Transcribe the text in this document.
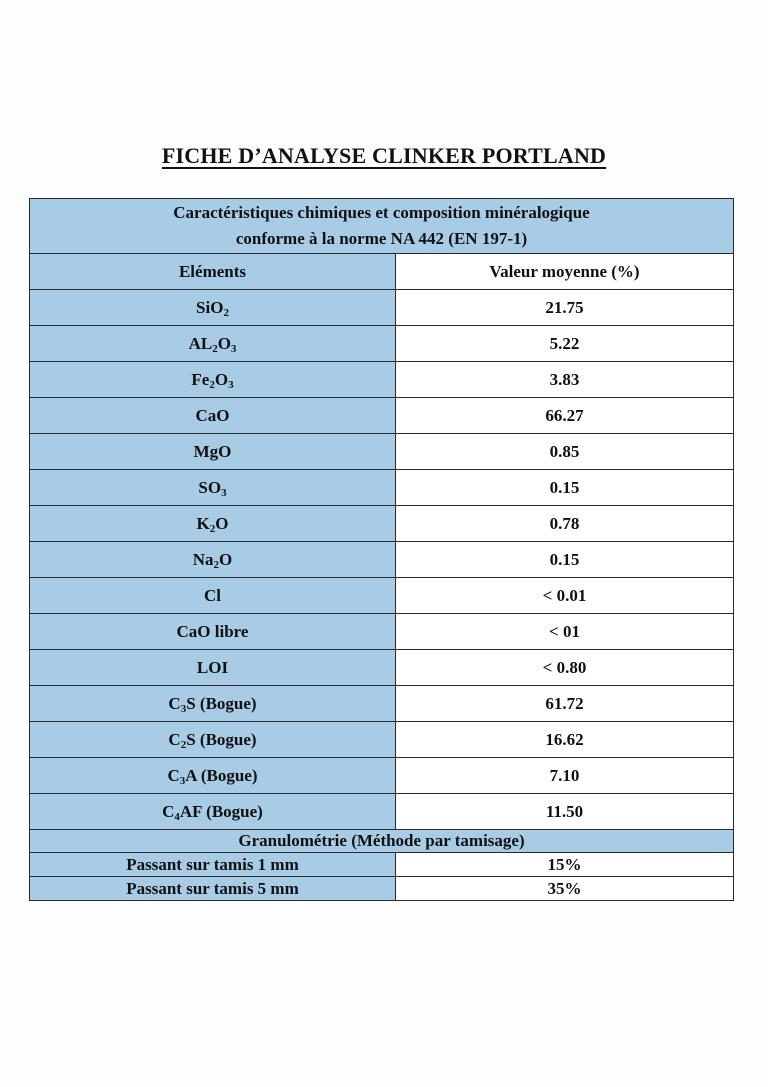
FICHE D’ANALYSE CLINKER PORTLAND
Caractéristiques chimiques et composition minéralogique
conforme à la norme NA 442 (EN 197-1)	

Eléments	Valeur moyenne (%)
SiO$_2$	21.75
$AL_2O_3$	5.22
$Fe_2O_3$	3.83
CaO	66.27
MgO	0.85
$SO_3$	0.15
$K_2O$	0.78
$Na_2O$	0.15
Cl	< 0.01
CaO libre	< 01
LOI	< 0.80
$C_3S$ (Bogue)	61.72
$C_2S$ (Bogue)	16.62
$C_3A$ (Bogue)	7.10
$C_4AF$ (Bogue)	11.50
Granulométrie (Méthode par tamisage)	
Passant sur tamis 1 mm	15%
Passant sur tamis 5 mm	35%
